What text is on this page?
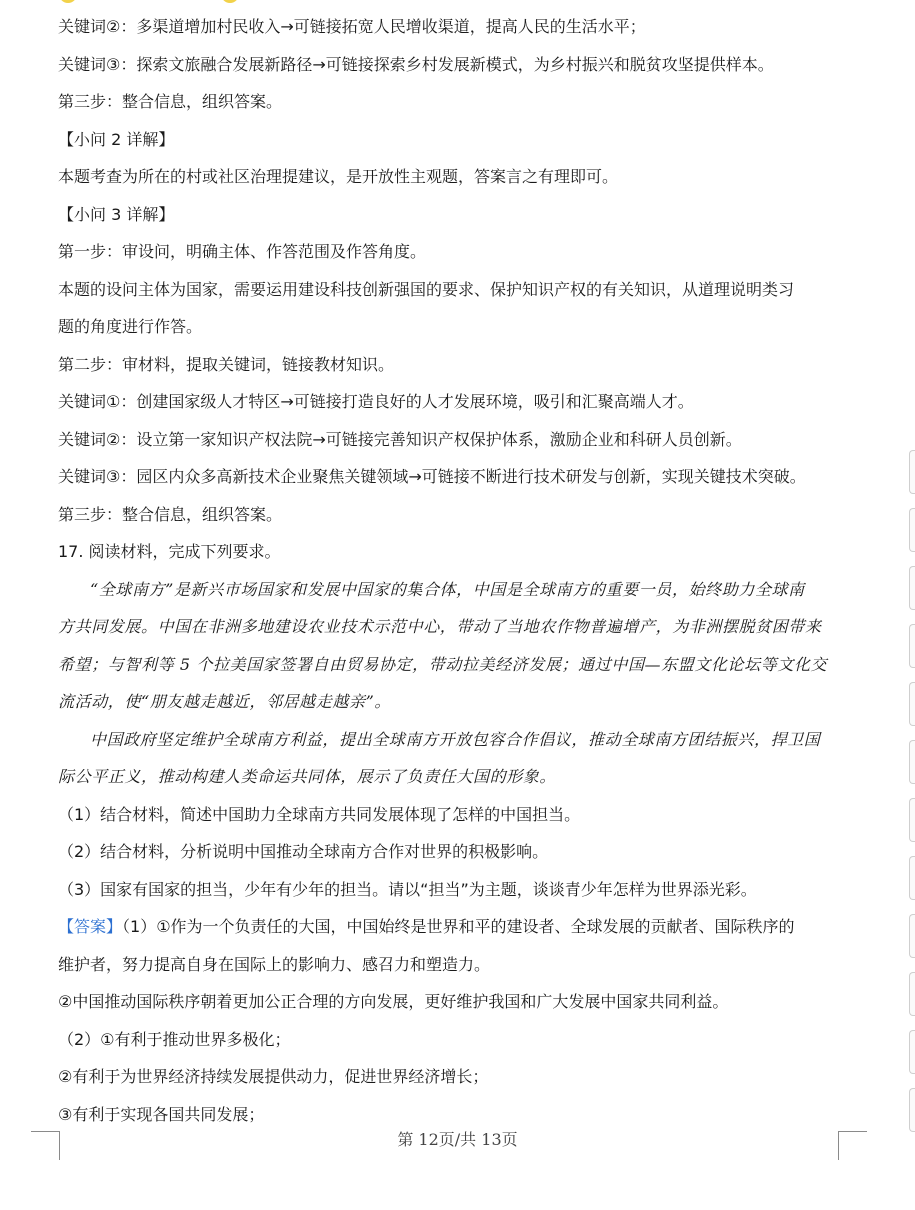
关键词②：多渠道增加村民收入→可链接拓宽人民增收渠道，提高人民的生活水平；
关键词③：探索文旅融合发展新路径→可链接探索乡村发展新模式，为乡村振兴和脱贫攻坚提供样本。
第三步：整合信息，组织答案。
【小问 2 详解】
本题考查为所在的村或社区治理提建议，是开放性主观题，答案言之有理即可。
【小问 3 详解】
第一步：审设问，明确主体、作答范围及作答角度。
本题的设问主体为国家，需要运用建设科技创新强国的要求、保护知识产权的有关知识，从道理说明类习
题的角度进行作答。
第二步：审材料，提取关键词，链接教材知识。
关键词①：创建国家级人才特区→可链接打造良好的人才发展环境，吸引和汇聚高端人才。
关键词②：设立第一家知识产权法院→可链接完善知识产权保护体系，激励企业和科研人员创新。
关键词③：园区内众多高新技术企业聚焦关键领域→可链接不断进行技术研发与创新，实现关键技术突破。
第三步：整合信息，组织答案。
17. 阅读材料，完成下列要求。
“全球南方”是新兴市场国家和发展中国家的集合体，中国是全球南方的重要一员，始终助力全球南
方共同发展。中国在非洲多地建设农业技术示范中心，带动了当地农作物普遍增产，为非洲摆脱贫困带来
希望；与智利等 5 个拉美国家签署自由贸易协定，带动拉美经济发展；通过中国—东盟文化论坛等文化交
流活动，使“朋友越走越近，邻居越走越亲”。
中国政府坚定维护全球南方利益，提出全球南方开放包容合作倡议，推动全球南方团结振兴，捍卫国
际公平正义，推动构建人类命运共同体，展示了负责任大国的形象。
（1）结合材料，简述中国助力全球南方共同发展体现了怎样的中国担当。
（2）结合材料，分析说明中国推动全球南方合作对世界的积极影响。
（3）国家有国家的担当，少年有少年的担当。请以“担当”为主题，谈谈青少年怎样为世界添光彩。
【答案】（1）①作为一个负责任的大国，中国始终是世界和平的建设者、全球发展的贡献者、国际秩序的
维护者，努力提高自身在国际上的影响力、感召力和塑造力。
②中国推动国际秩序朝着更加公正合理的方向发展，更好维护我国和广大发展中国家共同利益。
（2）①有利于推动世界多极化；
②有利于为世界经济持续发展提供动力，促进世界经济增长；
③有利于实现各国共同发展；
第 12页/共 13页
